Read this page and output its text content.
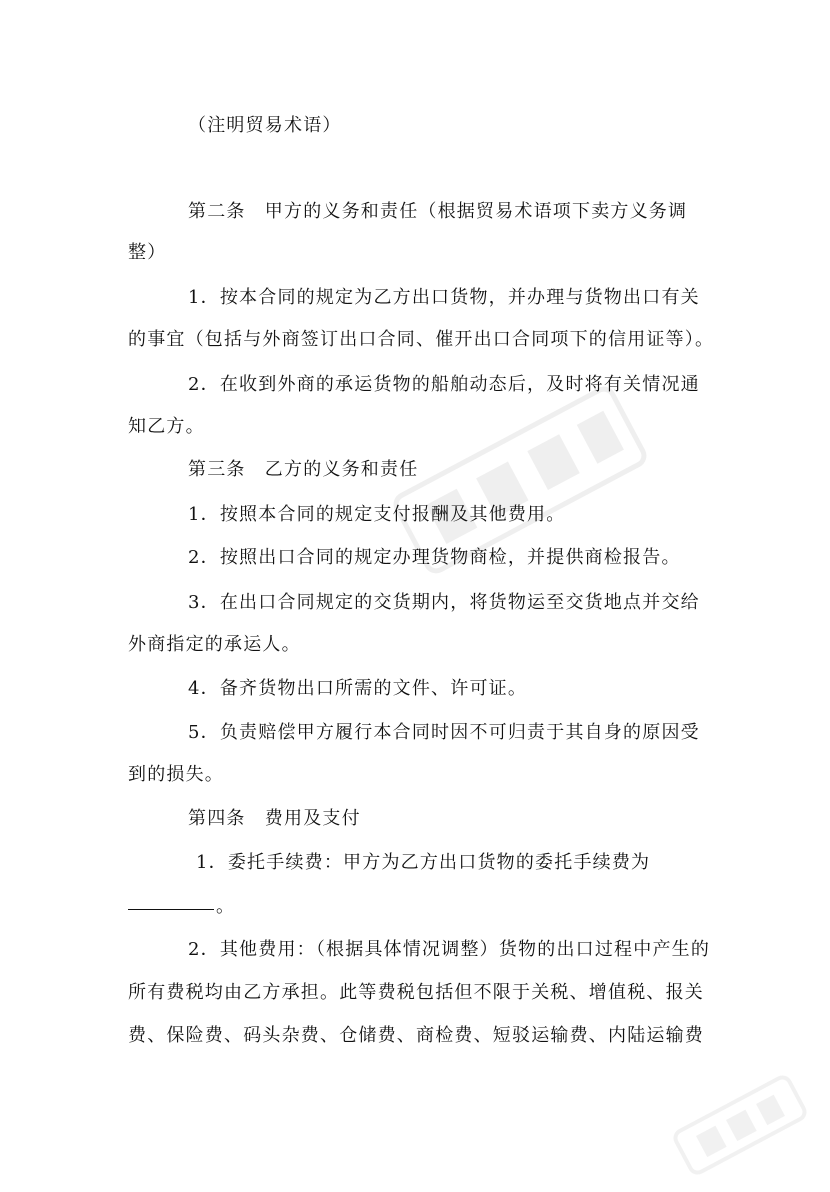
（注明贸易术语）
第二条　甲方的义务和责任（根据贸易术语项下卖方义务调
整）
1．按本合同的规定为乙方出口货物，并办理与货物出口有关
的事宜（包括与外商签订出口合同、催开出口合同项下的信用证等）。
2．在收到外商的承运货物的船舶动态后，及时将有关情况通
知乙方。
第三条　乙方的义务和责任
1．按照本合同的规定支付报酬及其他费用。
2．按照出口合同的规定办理货物商检，并提供商检报告。
3．在出口合同规定的交货期内，将货物运至交货地点并交给
外商指定的承运人。
4．备齐货物出口所需的文件、许可证。
5．负责赔偿甲方履行本合同时因不可归责于其自身的原因受
到的损失。
第四条　费用及支付
1．委托手续费：甲方为乙方出口货物的委托手续费为
。
2．其他费用：（根据具体情况调整）货物的出口过程中产生的
所有费税均由乙方承担。此等费税包括但不限于关税、增值税、报关
费、保险费、码头杂费、仓储费、商检费、短驳运输费、内陆运输费
